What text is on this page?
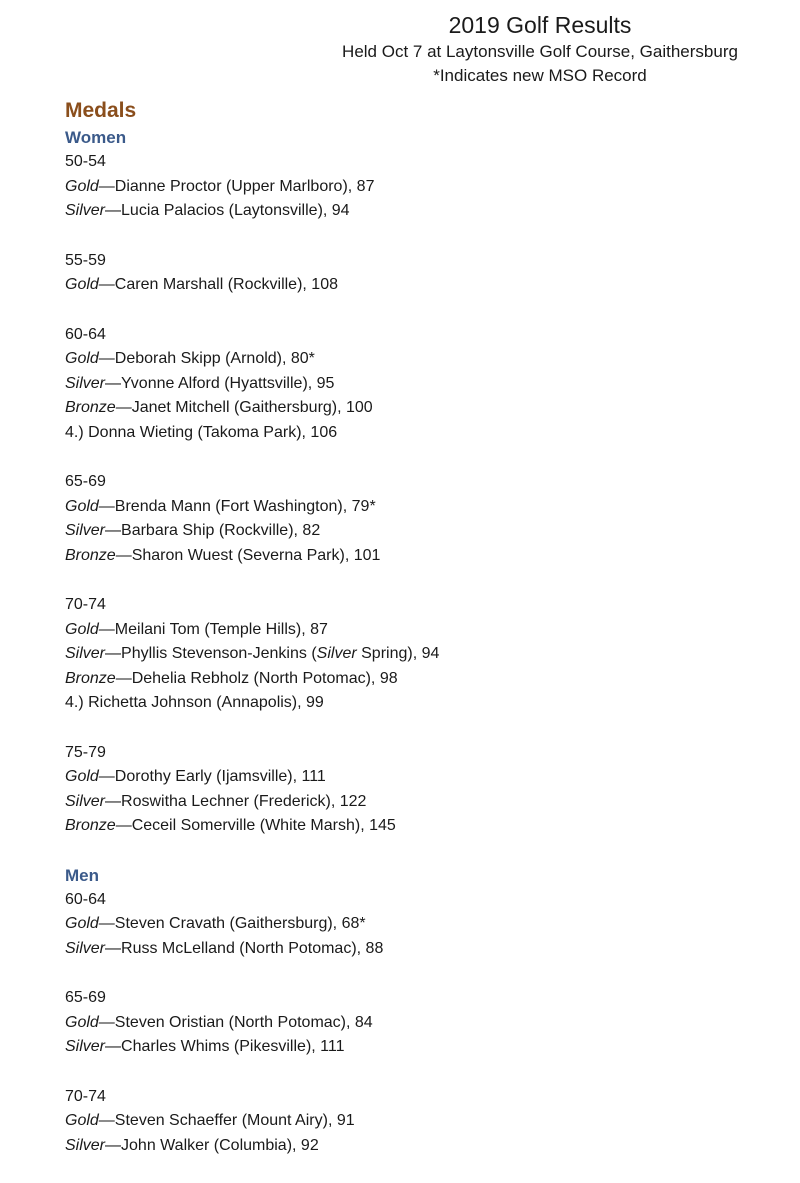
2019 Golf Results

Held Oct 7 at Laytonsville Golf Course, Gaithersburg

*Indicates new MSO Record

Medals

Women

50-54
Gold—Dianne Proctor (Upper Marlboro), 87
Silver—Lucia Palacios (Laytonsville), 94
55-59
Gold—Caren Marshall (Rockville), 108
60-64
Gold—Deborah Skipp (Arnold), 80*
Silver—Yvonne Alford (Hyattsville), 95
Bronze—Janet Mitchell (Gaithersburg), 100
4.) Donna Wieting (Takoma Park), 106
65-69
Gold—Brenda Mann (Fort Washington), 79*
Silver—Barbara Ship (Rockville), 82
Bronze—Sharon Wuest (Severna Park), 101
70-74
Gold—Meilani Tom (Temple Hills), 87
Silver—Phyllis Stevenson-Jenkins (Silver Spring), 94
Bronze—Dehelia Rebholz (North Potomac), 98
4.) Richetta Johnson (Annapolis), 99
75-79
Gold—Dorothy Early (Ijamsville), 111
Silver—Roswitha Lechner (Frederick), 122
Bronze—Ceceil Somerville (White Marsh), 145

Men

60-64
Gold—Steven Cravath (Gaithersburg), 68*
Silver—Russ McLelland (North Potomac), 88
65-69
Gold—Steven Oristian (North Potomac), 84
Silver—Charles Whims (Pikesville), 111
70-74
Gold—Steven Schaeffer (Mount Airy), 91
Silver—John Walker (Columbia), 92
